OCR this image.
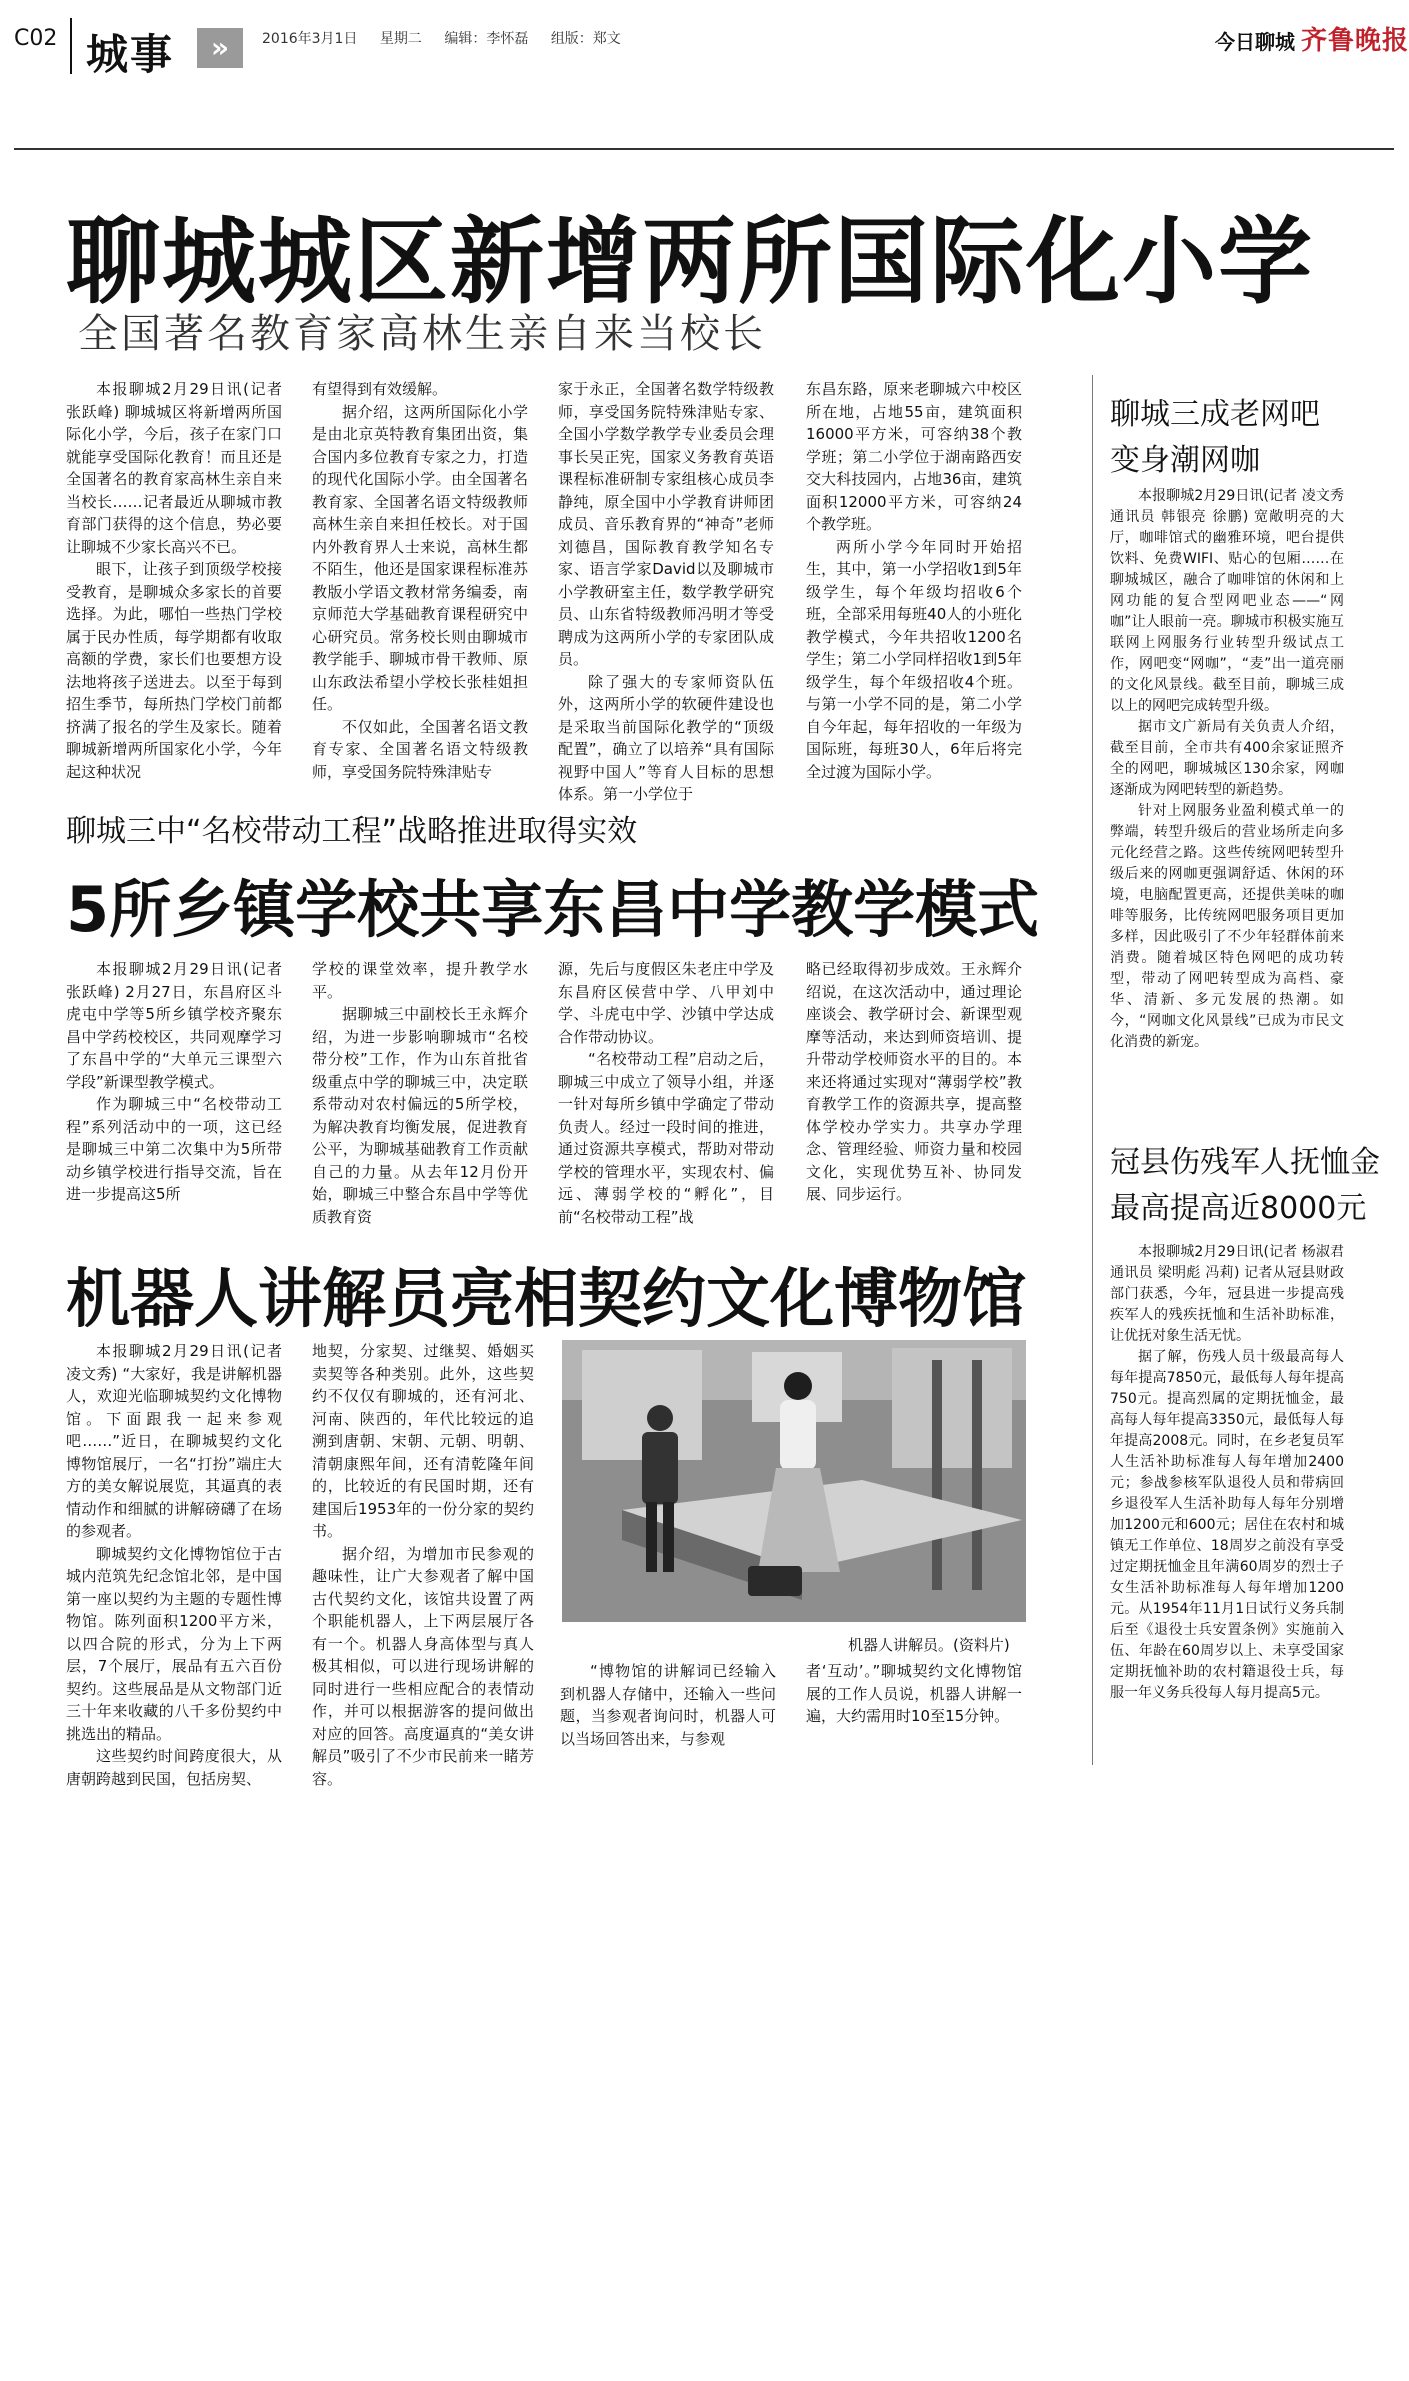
C02 城事	»	2016年3月1日 星期二 编辑：李怀磊 组版：郑文	今日聊城 齐鲁晚报
聊城城区新增两所国际化小学
全国著名教育家高林生亲自来当校长

本报聊城2月29日讯(记者 张跃峰) 聊城城区将新增两所国际化小学，今后，孩子在家门口就能享受国际化教育！而且还是全国著名的教育家高林生亲自来当校长……记者最近从聊城市教育部门获得的这个信息，势必要让聊城不少家长高兴不已。

眼下，让孩子到顶级学校接受教育，是聊城众多家长的首要选择。为此，哪怕一些热门学校属于民办性质，每学期都有收取高额的学费，家长们也要想方设法地将孩子送进去。以至于每到招生季节，每所热门学校门前都挤满了报名的学生及家长。随着聊城新增两所国家化小学，今年起这种状况

有望得到有效缓解。

据介绍，这两所国际化小学是由北京英特教育集团出资，集合国内多位教育专家之力，打造的现代化国际小学。由全国著名教育家、全国著名语文特级教师高林生亲自来担任校长。对于国内外教育界人士来说，高林生都不陌生，他还是国家课程标准苏教版小学语文教材常务编委，南京师范大学基础教育课程研究中心研究员。常务校长则由聊城市教学能手、聊城市骨干教师、原山东政法希望小学校长张桂姐担任。

不仅如此，全国著名语文教育专家、全国著名语文特级教师，享受国务院特殊津贴专

家于永正，全国著名数学特级教师，享受国务院特殊津贴专家、全国小学数学教学专业委员会理事长吴正宪，国家义务教育英语课程标准研制专家组核心成员李静纯，原全国中小学教育讲师团成员、音乐教育界的“神奇”老师刘德昌，国际教育教学知名专家、语言学家David以及聊城市小学教研室主任，数学教学研究员、山东省特级教师冯明才等受聘成为这两所小学的专家团队成员。

除了强大的专家师资队伍外，这两所小学的软硬件建设也是采取当前国际化教学的“顶级配置”，确立了以培养“具有国际视野中国人”等育人目标的思想体系。第一小学位于

东昌东路，原来老聊城六中校区所在地，占地55亩，建筑面积16000平方米，可容纳38个教学班；第二小学位于湖南路西安交大科技园内，占地36亩，建筑面积12000平方米，可容纳24个教学班。

两所小学今年同时开始招生，其中，第一小学招收1到5年级学生，每个年级均招收6个班，全部采用每班40人的小班化教学模式，今年共招收1200名学生；第二小学同样招收1到5年级学生，每个年级招收4个班。与第一小学不同的是，第二小学自今年起，每年招收的一年级为国际班，每班30人，6年后将完全过渡为国际小学。

聊城三中“名校带动工程”战略推进取得实效
5所乡镇学校共享东昌中学教学模式

本报聊城2月29日讯(记者 张跃峰) 2月27日，东昌府区斗虎屯中学等5所乡镇学校齐聚东昌中学药校校区，共同观摩学习了东昌中学的“大单元三课型六学段”新课型教学模式。

作为聊城三中“名校带动工程”系列活动中的一项，这已经是聊城三中第二次集中为5所带动乡镇学校进行指导交流，旨在进一步提高这5所

学校的课堂效率，提升教学水平。

据聊城三中副校长王永辉介绍，为进一步影响聊城市“名校带分校”工作，作为山东首批省级重点中学的聊城三中，决定联系带动对农村偏远的5所学校，为解决教育均衡发展，促进教育公平，为聊城基础教育工作贡献自己的力量。从去年12月份开始，聊城三中整合东昌中学等优质教育资

源，先后与度假区朱老庄中学及东昌府区侯营中学、八甲刘中学、斗虎屯中学、沙镇中学达成合作带动协议。

“名校带动工程”启动之后，聊城三中成立了领导小组，并逐一针对每所乡镇中学确定了带动负责人。经过一段时间的推进，通过资源共享模式，帮助对带动学校的管理水平，实现农村、偏远、薄弱学校的“孵化”，目前“名校带动工程”战

略已经取得初步成效。王永辉介绍说，在这次活动中，通过理论座谈会、教学研讨会、新课型观摩等活动，来达到师资培训、提升带动学校师资水平的目的。本来还将通过实现对“薄弱学校”教育教学工作的资源共享，提高整体学校办学实力。共享办学理念、管理经验、师资力量和校园文化，实现优势互补、协同发展、同步运行。

机器人讲解员亮相契约文化博物馆

本报聊城2月29日讯(记者 凌文秀) “大家好，我是讲解机器人，欢迎光临聊城契约文化博物馆。下面跟我一起来参观吧……”近日，在聊城契约文化博物馆展厅，一名“打扮”端庄大方的美女解说展览，其逼真的表情动作和细腻的讲解磅礴了在场的参观者。

聊城契约文化博物馆位于古城内范筑先纪念馆北邻，是中国第一座以契约为主题的专题性博物馆。陈列面积1200平方米，以四合院的形式，分为上下两层，7个展厅，展品有五六百份契约。这些展品是从文物部门近三十年来收藏的八千多份契约中挑选出的精品。

这些契约时间跨度很大，从唐朝跨越到民国，包括房契、

地契，分家契、过继契、婚姻买卖契等各种类别。此外，这些契约不仅仅有聊城的，还有河北、河南、陕西的，年代比较远的追溯到唐朝、宋朝、元朝、明朝、清朝康熙年间，还有清乾隆年间的，比较近的有民国时期，还有建国后1953年的一份分家的契约书。

据介绍，为增加市民参观的趣味性，让广大参观者了解中国古代契约文化，该馆共设置了两个职能机器人，上下两层展厅各有一个。机器人身高体型与真人极其相似，可以进行现场讲解的同时进行一些相应配合的表情动作，并可以根据游客的提问做出对应的回答。高度逼真的“美女讲解员”吸引了不少市民前来一睹芳容。

机器人讲解员。(资料片)

“博物馆的讲解词已经输入到机器人存储中，还输入一些问题，当参观者询问时，机器人可以当场回答出来，与参观

者‘互动’。”聊城契约文化博物馆展的工作人员说，机器人讲解一遍，大约需用时10至15分钟。

聊城三成老网吧
变身潮网咖

本报聊城2月29日讯(记者 凌文秀 通讯员 韩银亮 徐鹏) 宽敞明亮的大厅，咖啡馆式的幽雅环境，吧台提供饮料、免费WIFI、贴心的包厢……在聊城城区，融合了咖啡馆的休闲和上网功能的复合型网吧业态——“网咖”让人眼前一亮。聊城市积极实施互联网上网服务行业转型升级试点工作，网吧变“网咖”，“麦”出一道亮丽的文化风景线。截至目前，聊城三成以上的网吧完成转型升级。

据市文广新局有关负责人介绍，截至目前，全市共有400余家证照齐全的网吧，聊城城区130余家，网咖逐渐成为网吧转型的新趋势。

针对上网服务业盈利模式单一的弊端，转型升级后的营业场所走向多元化经营之路。这些传统网吧转型升级后来的网咖更强调舒适、休闲的环境，电脑配置更高，还提供美味的咖啡等服务，比传统网吧服务项目更加多样，因此吸引了不少年轻群体前来消费。随着城区特色网吧的成功转型，带动了网吧转型成为高档、豪华、清新、多元发展的热潮。如今，“网咖文化风景线”已成为市民文化消费的新宠。

冠县伤残军人抚恤金
最高提高近8000元

本报聊城2月29日讯(记者 杨淑君 通讯员 梁明彪 冯莉) 记者从冠县财政部门获悉，今年，冠县进一步提高残疾军人的残疾抚恤和生活补助标准，让优抚对象生活无忧。

据了解，伤残人员十级最高每人每年提高7850元，最低每人每年提高750元。提高烈属的定期抚恤金，最高每人每年提高3350元，最低每人每年提高2008元。同时，在乡老复员军人生活补助标准每人每年增加2400元；参战参核军队退役人员和带病回乡退役军人生活补助每人每年分别增加1200元和600元；居住在农村和城镇无工作单位、18周岁之前没有享受过定期抚恤金且年满60周岁的烈士子女生活补助标准每人每年增加1200元。从1954年11月1日试行义务兵制后至《退役士兵安置条例》实施前入伍、年龄在60周岁以上、未享受国家定期抚恤补助的农村籍退役士兵，每服一年义务兵役每人每月提高5元。
